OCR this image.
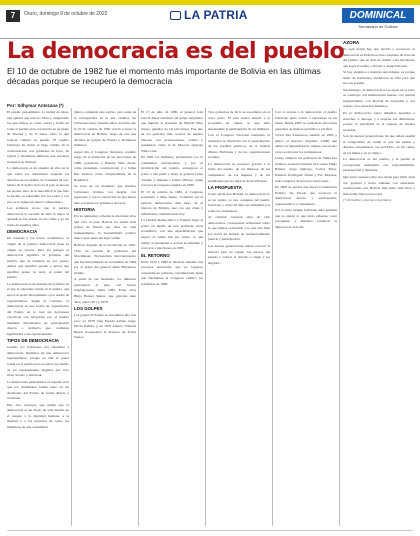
7	Oruro, domingo 9 de octubre de 2022	LA PATRIA	DOMINICAL
Semanario de Cultura
La democracia es del pueblo
El 10 de octubre de 1982 fue el momento más importante de Bolivia en las últimas décadas porque se recuperó la democracia
Por: Sdhymar Antezana (*)

El pasado pensamiento, la verdad en ideas, una aptitud que une los ideas y asegurando los que rinden, lo convi, creció y formó en todos al pueblo en la conciencia en un plano de libertad y de la bases sobre la que todavía camina su pueblo. El pueblo boliviano ha tenido el largo camino de la confrontación, con gobiernos de facto, de golpes y dictaduras militares que entonces recuperar su libertad.

La democracia es un sistema de vida en la que todos los ciudadanos respetan los derechos de los demás. Se considera tal vez, hablar de la democracia en el país es una de las peores, sino, de la mas difícil la que hizo la nación, es entendida por los todos y con esto se le asigna un nuevo compromiso.

Los primeros veces, que la palabra democracia lo escuché de niño la mejor la aprendí en las plazas, en las calles y en las urnas de aquellos años.

DEMOCRACIA

De acuerdo a los textos académicos, el origen de la palabra democracia tiene su origen en Grecia. Para los griegos la democracia significa el gobierno del pueblo, que se entiende en dos partes, demos que significa pueblo y kratos que significa poder, es decir, el poder del pueblo.

La democracia es un sistema de gobierno en el que la soberanía reside en el pueblo, que ejerce el poder directamente o por medio de representantes. Según el concepto, la democracia es una forma de organización del Estado en la cual las decisiones colectivas son adoptadas por el pueblo mediante mecanismos de participación directa o indirecta que confieren legitimidad a sus representantes.

TIPOS DE DEMOCRACIA

Cuando los bolivianos nos referimos a democracia, hablamos de una democracia representativa, porque en ella el poder reside en el pueblo pero se ejerce por medio de los representantes elegidos por voto libre, secreto y universal.

La democracia participativa es aquella en la que los ciudadanos toman parte en las decisiones del Estado de forma directa y constante.

Hay otro concepto que señala que la democracia es un modo de vida basado en el respeto a la dignidad humana, a la libertad y a los derechos de todos los miembros de una comunidad.

Quiero comenzar este escrito, pero antes de la retrospectiva en la que vivimos los bolivianos hace cuarenta años, recordar que el 10 de octubre de 1982 volvió a nacer la democracia en Bolivia, luego de casi dos décadas de golpes de Estado y dictaduras militares.

Aquel día el Congreso Nacional, reunido luego de la anulación de las elecciones de 1980, posesionó a Hernán Siles Zuazo como presidente constitucional y a Jaime Paz Zamora como vicepresidente de la República.

Se trató de un momento que muchos bolivianos vivimos con alegría, con esperanza y con la convicción de que nunca más volverían los gobiernos de facto.

HISTORIA

Por su quinientos ochenta de diecisiete años que vive el país, Bolivia ha tenido más golpes de Estado que años de vida independiente; la inestabilidad política marcó gran parte del siglo veinte.

Bolivia, después de la revolución de 1952, vivió un periodo de gobiernos del Movimiento Nacionalista Revolucionario que fue interrumpido en noviembre de 1964 por el golpe del general René Barrientos Ortuño.

A partir de ese momento, los militares gobernaron el país, con breves interrupciones, hasta 1982. Entre ellos Hugo Banzer Suárez, que gobernó siete años, entre 1971 y 1978.

LOS GOLPES

Los golpes de Estado se sucedieron uno tras otro; en 1978 Juan Pereda Asbún, luego David Padilla, y en 1979 Alberto Natusch Busch protagonizó la masacre de Todos Santos.

El 17 de julio de 1980, el general Luis García Meza encabezó un golpe sangriento que impidió la posesión de Hernán Siles Zuazo, ganador de las elecciones. Fue uno de los periodos más oscuros de nuestra historia, con persecuciones, exilios y asesinatos, como el de Marcelo Quiroga Santa Cruz.

En 1981 los militares, presionados por la comunidad internacional y por la movilización del pueblo, entregaron el poder a una junta y luego al general Celso Torrelio y después a Guido Vildoso, quien convocó al Congreso elegido en 1980.

El 10 de octubre de 1982, el Congreso posesionó a Siles Zuazo. Comenzó así el periodo democrático más largo de la historia de Bolivia, que con sus crisis y dificultades continúa hasta hoy.

La Unidad Democrática y Popular llegó al poder en medio de una profunda crisis económica, con una hiperinflación que superó el veinte mil por ciento, lo que obligó al presidente a acortar su mandato y convocar a elecciones en 1985.

EL RETORNO

Entre 1979 y 1980 se llevaron adelante tres procesos electorales que no lograron consolidar un gobierno constitucional, hasta que finalmente el Congreso ratificó los resultados de 1980.

Tres gobiernos de facto se sucedieron en el corto plazo. El país estaba aislado y la economía en ruinas, lo que hizo insostenible la permanencia de los militares.

Con el Congreso Nacional restituido, la transición se desarrolló con la participación de los partidos políticos, de la Central Obrera Boliviana y de las organizaciones sociales.

La democracia se recuperó gracias a la lucha del pueblo, de los mineros, de los campesinos, de las mujeres y de los estudiantes que no dejaron de movilizarse.

LA PROPUESTA

Como decía don Hernán, la democracia no es un regalo, es una conquista del pueblo boliviano y como tal debe ser defendida por todos los ciudadanos.

Al celebrar cuarenta años de vida democrática, corresponde reflexionar sobre lo que hemos construido y lo que aún falta por hacer en materia de institucionalidad, justicia y participación.

Las nuevas generaciones deben conocer la historia para no repetir los errores del pasado y valorar el derecho a elegir y ser elegidos.

Con el retorno a la democracia, el pueblo boliviano pudo volver a expresarse en las urnas. Desde 1985 se realizaron elecciones generales de manera periódica y pacífica.

Víctor Paz Estenssoro asumió en 1985 y aplicó el Decreto Supremo 21060 que detuvo la hiperinflación, aunque con un alto costo social para los trabajadores.

Luego vinieron los gobiernos de Jaime Paz Zamora, Gonzalo Sánchez de Lozada, Hugo Banzer, Jorge Quiroga, Carlos Mesa, Eduardo Rodríguez Veltzé y Evo Morales, todos surgidos de procesos electorales.

En 2009 se aprobó una nueva Constitución Política del Estado que reconoce la democracia directa y participativa, representativa y comunitaria.

Por lo tanto, ningún boliviano debe permitir que se pierda lo que tanto esfuerzo costó conquistar, y debemos fortalecer la democracia cada día.

AZORA

Es aquí donde hay que decirlo y reconocer, la democracia en Bolivia es una conquista de la lucha del pueblo, que no dejó de resistir a las dictaduras, que soportó exilios, cárceles y desapariciones.

Si hoy elegimos a nuestras autoridades, es porque miles de bolivianos ofrendaron su vida para que eso sea posible.

Sin embargo, la democracia no se agota en el voto; se construye con instituciones fuertes, con justicia independiente, con libertad de expresión y con respeto a los derechos humanos.

En la democracia, todos debemos aprender a escuchar, a dialogar y a respetar las diferencias, porque la pluralidad es la riqueza de nuestra sociedad.

Son las nuevas generaciones las que deben asumir el compromiso de cuidar lo que sus padres y abuelos conquistaron con sacrificio, en las calles, en las minas y en el campo.

La democracia es del pueblo, y al pueblo le corresponde defenderla con responsabilidad, participación y memoria.

Que estos cuarenta años nos sirvan para mirar atrás con gratitud y hacia adelante con esperanza, construyendo una Bolivia más justa, más libre y más democrática para todos.

(*) Periodista y docente universitario.
